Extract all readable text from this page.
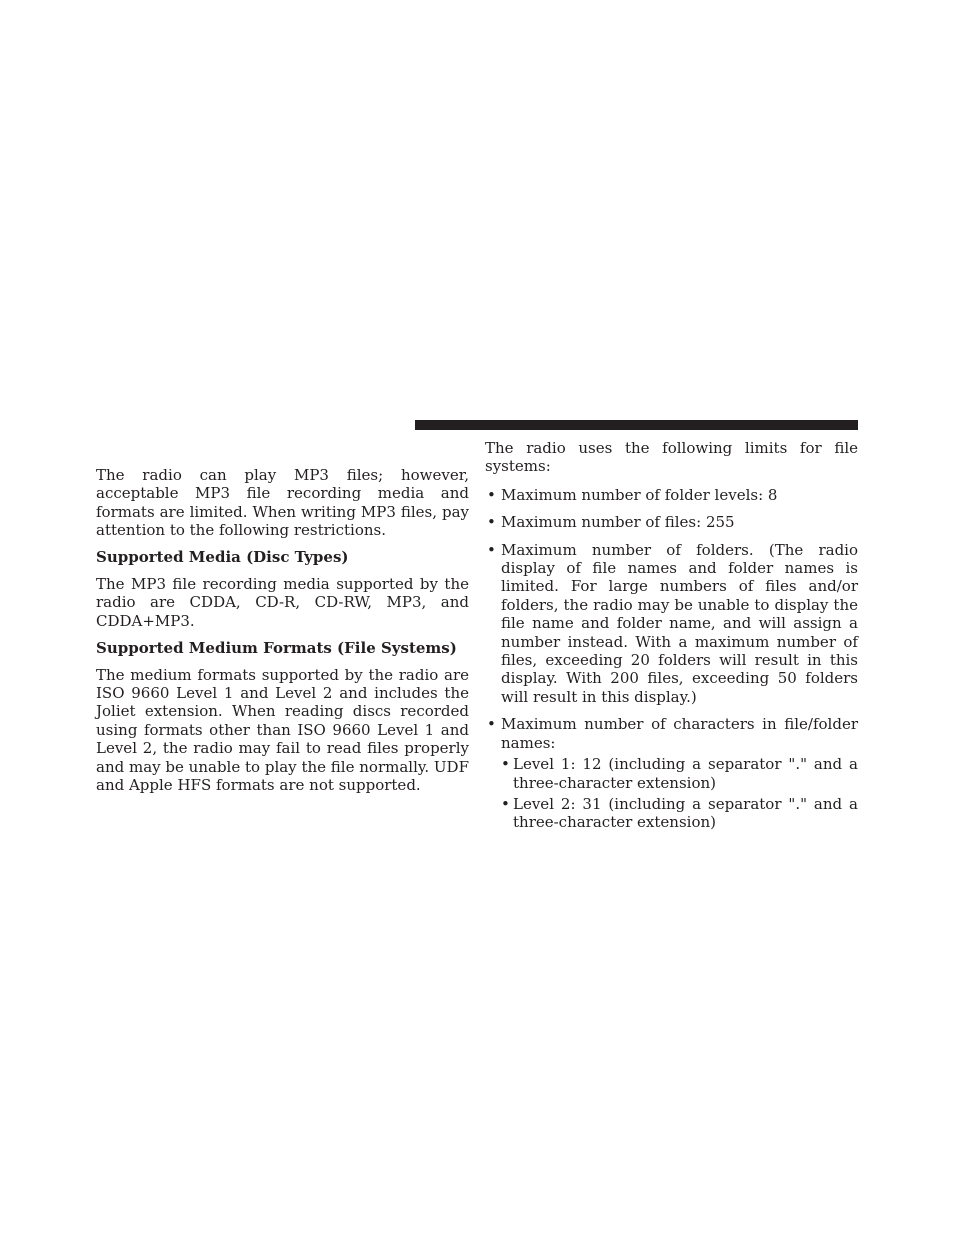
The radio can play MP3 files; however, acceptable MP3 file recording media and formats are limited. When writing MP3 files, pay attention to the following restrictions.

Supported Media (Disc Types)

The MP3 file recording media supported by the radio are CDDA, CD-R, CD-RW, MP3, and CDDA+MP3.

Supported Medium Formats (File Systems)

The medium formats supported by the radio are ISO 9660 Level 1 and Level 2 and includes the Joliet extension. When reading discs recorded using formats other than ISO 9660 Level 1 and Level 2, the radio may fail to read files properly and may be unable to play the file normally. UDF and Apple HFS formats are not supported.

The radio uses the following limits for file systems:

• Maximum number of folder levels: 8
• Maximum number of files: 255
• Maximum number of folders. (The radio display of file names and folder names is limited. For large numbers of files and/or folders, the radio may be unable to display the file name and folder name, and will assign a number instead. With a maximum number of files, exceeding 20 folders will result in this display. With 200 files, exceeding 50 folders will result in this display.)
• Maximum number of characters in file/folder names:
• Level 1: 12 (including a separator "." and a three-character extension)
• Level 2: 31 (including a separator "." and a three-character extension)
